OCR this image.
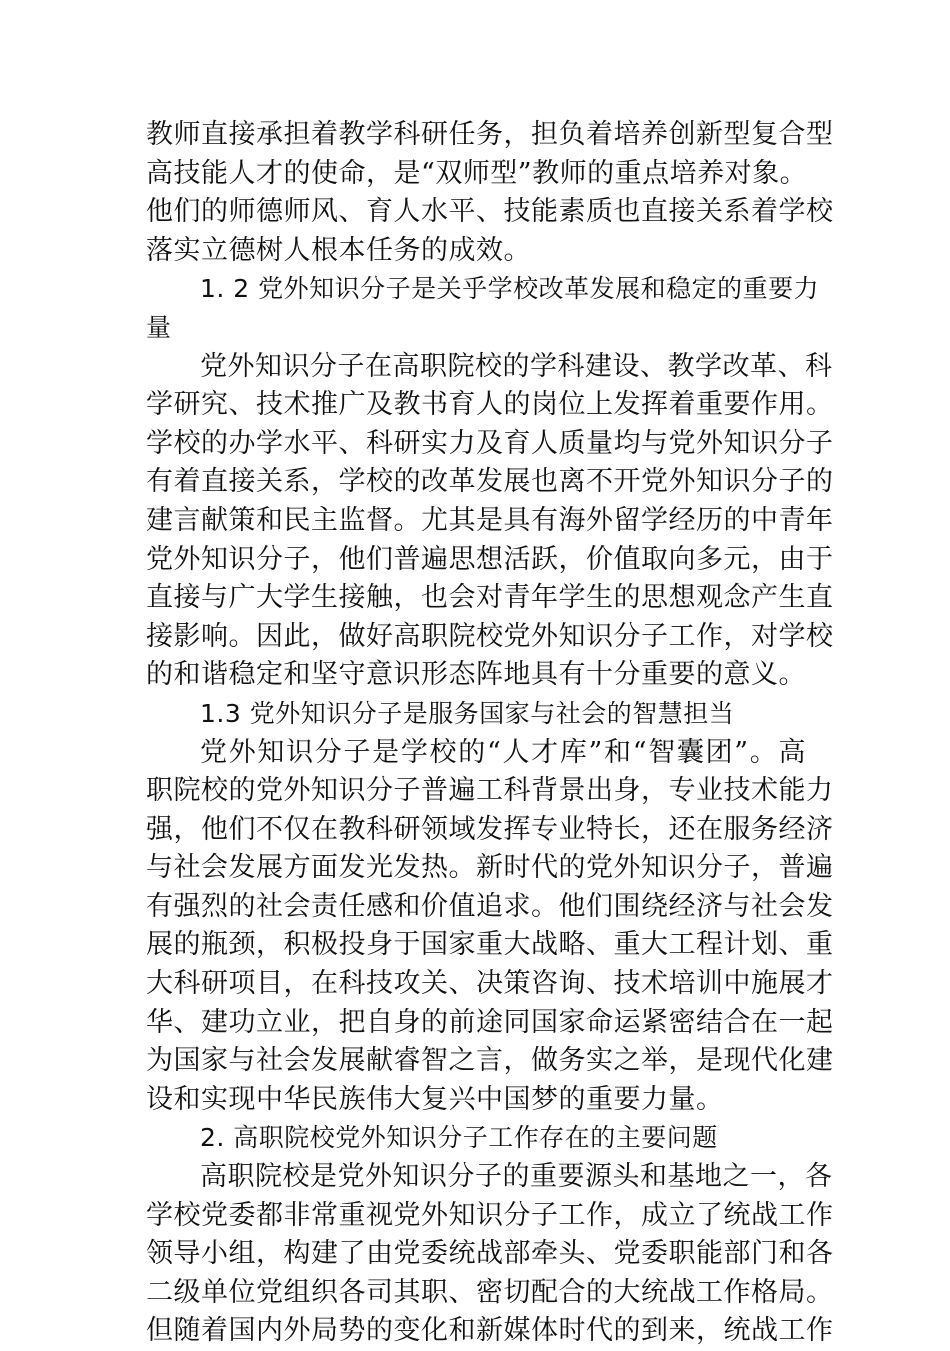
教师直接承担着教学科研任务，担负着培养创新型复合型
高技能人才的使命，是“双师型”教师的重点培养对象。
他们的师德师风、育人水平、技能素质也直接关系着学校
落实立德树人根本任务的成效。
1. 2 党外知识分子是关乎学校改革发展和稳定的重要力
量
党外知识分子在高职院校的学科建设、教学改革、科
学研究、技术推广及教书育人的岗位上发挥着重要作用。
学校的办学水平、科研实力及育人质量均与党外知识分子
有着直接关系，学校的改革发展也离不开党外知识分子的
建言献策和民主监督。尤其是具有海外留学经历的中青年
党外知识分子，他们普遍思想活跃，价值取向多元，由于
直接与广大学生接触，也会对青年学生的思想观念产生直
接影响。因此，做好高职院校党外知识分子工作，对学校
的和谐稳定和坚守意识形态阵地具有十分重要的意义。
1.3 党外知识分子是服务国家与社会的智慧担当
党外知识分子是学校的“人才库”和“智囊团”。高
职院校的党外知识分子普遍工科背景出身，专业技术能力
强，他们不仅在教科研领域发挥专业特长，还在服务经济
与社会发展方面发光发热。新时代的党外知识分子，普遍
有强烈的社会责任感和价值追求。他们围绕经济与社会发
展的瓶颈，积极投身于国家重大战略、重大工程计划、重
大科研项目，在科技攻关、决策咨询、技术培训中施展才
华、建功立业，把自身的前途同国家命运紧密结合在一起
为国家与社会发展献睿智之言，做务实之举，是现代化建
设和实现中华民族伟大复兴中国梦的重要力量。
2. 高职院校党外知识分子工作存在的主要问题
高职院校是党外知识分子的重要源头和基地之一，各
学校党委都非常重视党外知识分子工作，成立了统战工作
领导小组，构建了由党委统战部牵头、党委职能部门和各
二级单位党组织各司其职、密切配合的大统战工作格局。
但随着国内外局势的变化和新媒体时代的到来，统战工作
